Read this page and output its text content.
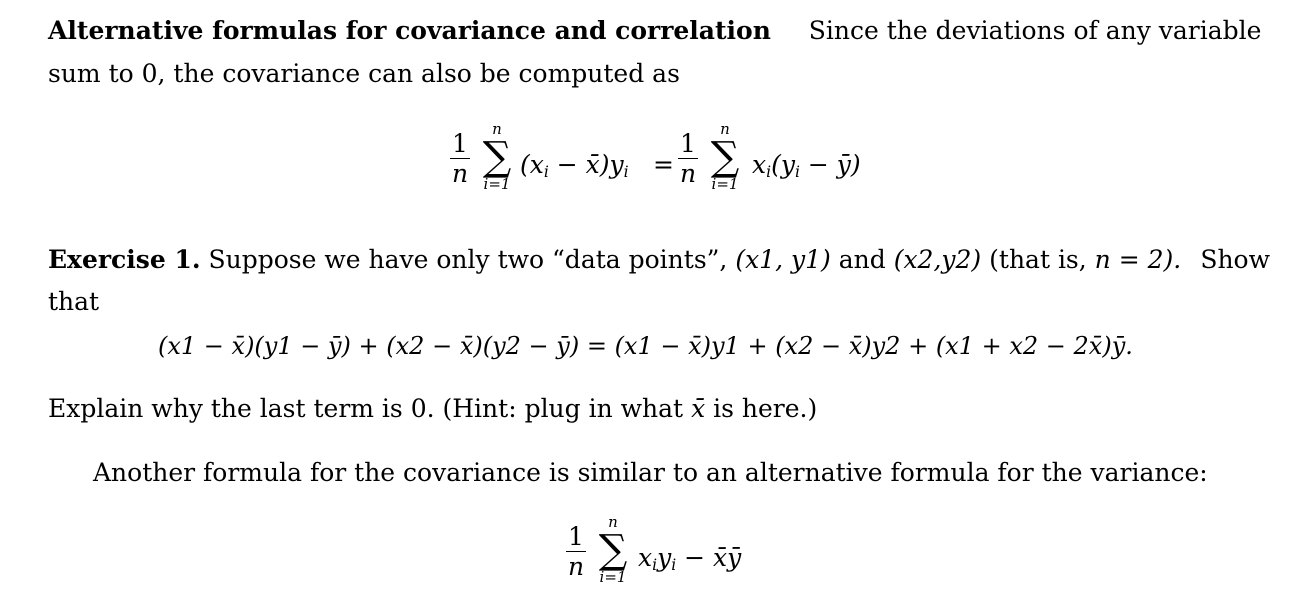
Alternative formulas for covariance and correlation Since the deviations of any variable
sum to 0, the covariance can also be computed as
1
n
n
∑
i=1
($x_i$ − $x̄)y_i$ =
1
n
n
∑
i=1
$x_i(y_i$ − ȳ)
Exercise 1. Suppose we have only two “data points”, (x1, y1) and (x2,y2) (that is, n = 2). Show
that
(x1 − x̄)(y1 − ȳ) + (x2 − x̄)(y2 − ȳ) = (x1 − x̄)y1 + (x2 − x̄)y2 + (x1 + x2 − 2x̄)ȳ.
Explain why the last term is 0. (Hint: plug in what x̄ is here.)
Another formula for the covariance is similar to an alternative formula for the variance:
1
n
n
∑
i=1
$x_iy_i$ − x̄ȳ
